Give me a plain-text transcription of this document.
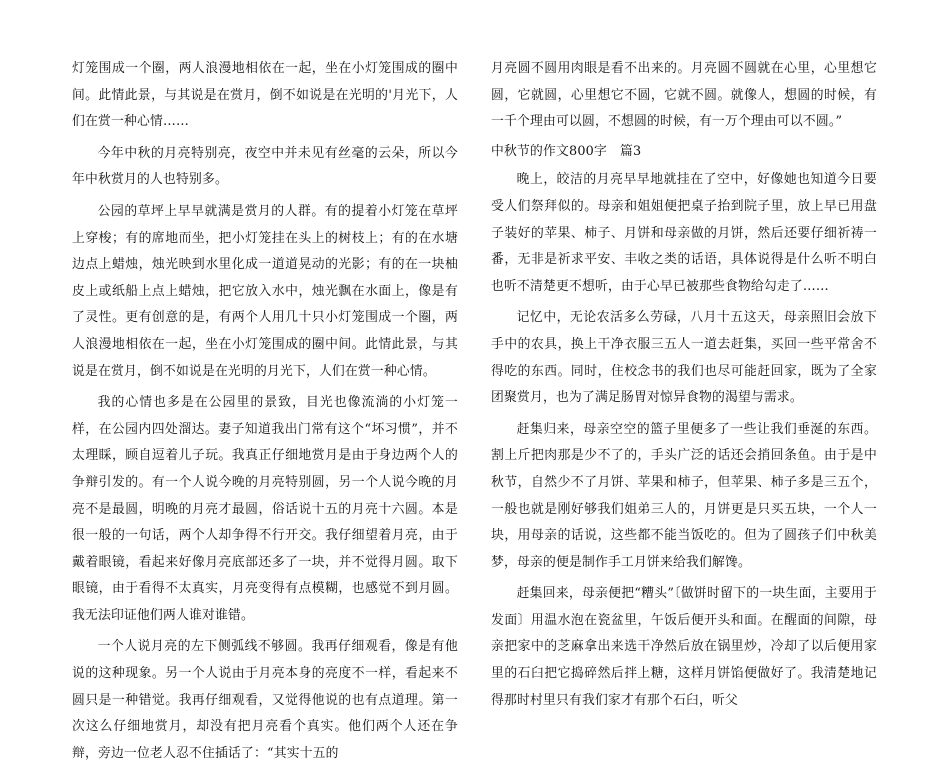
灯笼围成一个圈，两人浪漫地相依在一起，坐在小灯笼围成的圈中间。此情此景，与其说是在赏月，倒不如说是在光明的'月光下，人们在赏一种心情……

今年中秋的月亮特别亮，夜空中并未见有丝毫的云朵，所以今年中秋赏月的人也特别多。

公园的草坪上早早就满是赏月的人群。有的提着小灯笼在草坪上穿梭；有的席地而坐，把小灯笼挂在头上的树枝上；有的在水塘边点上蜡烛，烛光映到水里化成一道道晃动的光影；有的在一块柚皮上或纸船上点上蜡烛，把它放入水中，烛光飘在水面上，像是有了灵性。更有创意的是，有两个人用几十只小灯笼围成一个圈，两人浪漫地相依在一起，坐在小灯笼围成的圈中间。此情此景，与其说是在赏月，倒不如说是在光明的月光下，人们在赏一种心情。

我的心情也多是在公园里的景致，目光也像流淌的小灯笼一样，在公园内四处溜达。妻子知道我出门常有这个“坏习惯”，并不太理睬，顾自逗着儿子玩。我真正仔细地赏月是由于身边两个人的争辩引发的。有一个人说今晚的月亮特别圆，另一个人说今晚的月亮不是最圆，明晚的月亮才最圆，俗话说十五的月亮十六圆。本是很一般的一句话，两个人却争得不行开交。我仔细望着月亮，由于戴着眼镜，看起来好像月亮底部还多了一块，并不觉得月圆。取下眼镜，由于看得不太真实，月亮变得有点模糊，也感觉不到月圆。我无法印证他们两人谁对谁错。

一个人说月亮的左下侧弧线不够圆。我再仔细观看，像是有他说的这种现象。另一个人说由于月亮本身的亮度不一样，看起来不圆只是一种错觉。我再仔细观看，又觉得他说的也有点道理。第一次这么仔细地赏月，却没有把月亮看个真实。他们两个人还在争辩，旁边一位老人忍不住插话了：“其实十五的

月亮圆不圆用肉眼是看不出来的。月亮圆不圆就在心里，心里想它圆，它就圆，心里想它不圆，它就不圆。就像人，想圆的时候，有一千个理由可以圆，不想圆的时候，有一万个理由可以不圆。”

中秋节的作文800字　篇3

晚上，皎洁的月亮早早地就挂在了空中，好像她也知道今日要受人们祭拜似的。母亲和姐姐便把桌子抬到院子里，放上早已用盘子装好的苹果、柿子、月饼和母亲做的月饼，然后还要仔细祈祷一番，无非是祈求平安、丰收之类的话语，具体说得是什么听不明白也听不清楚更不想听，由于心早已被那些食物给勾走了……

记忆中，无论农活多么劳碌，八月十五这天，母亲照旧会放下手中的农具，换上干净衣服三五人一道去赶集，买回一些平常舍不得吃的东西。同时，住校念书的我们也尽可能赶回家，既为了全家团聚赏月，也为了满足肠胃对惊异食物的渴望与需求。

赶集归来，母亲空空的篮子里便多了一些让我们垂涎的东西。割上斤把肉那是少不了的，手头广泛的话还会捎回条鱼。由于是中秋节，自然少不了月饼、苹果和柿子，但苹果、柿子多是三五个，一般也就是刚好够我们姐弟三人的，月饼更是只买五块，一个人一块，用母亲的话说，这些都不能当饭吃的。但为了圆孩子们中秋美梦，母亲的便是制作手工月饼来给我们解馋。

赶集回来，母亲便把“糟头”〔做饼时留下的一块生面，主要用于发面〕用温水泡在瓷盆里，午饭后便开头和面。在醒面的间隙，母亲把家中的芝麻拿出来选干净然后放在锅里炒，冷却了以后便用家里的石臼把它捣碎然后拌上糖，这样月饼馅便做好了。我清楚地记得那时村里只有我们家才有那个石臼，听父
